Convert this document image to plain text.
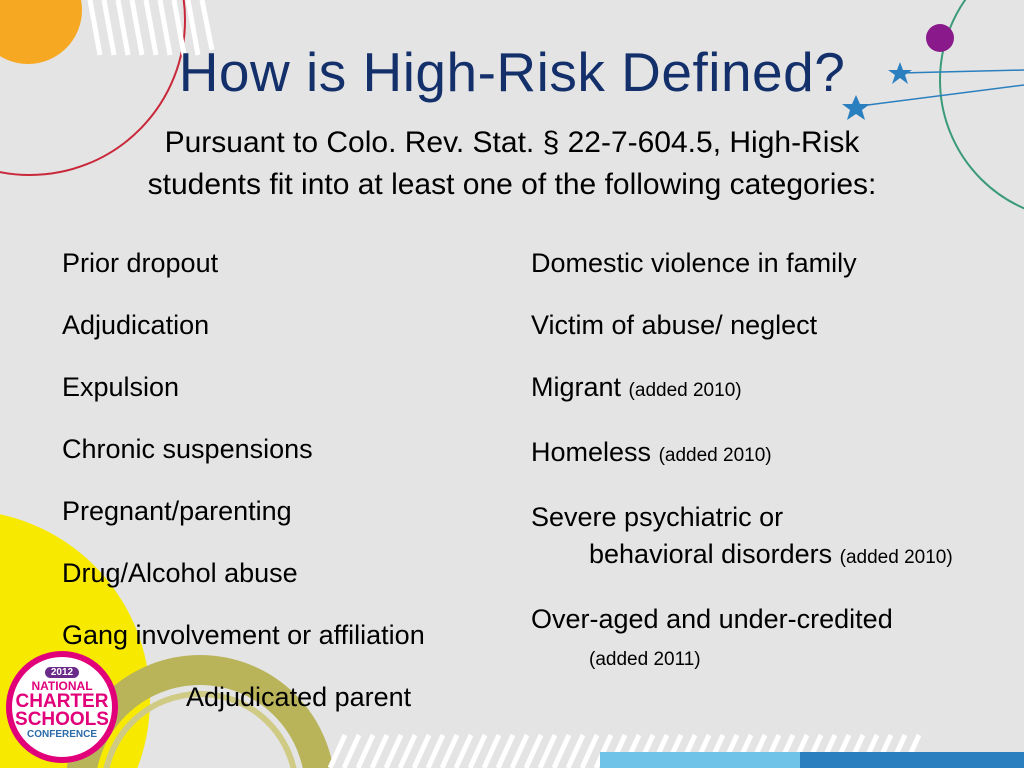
How is High-Risk Defined?
Pursuant to Colo. Rev. Stat. § 22-7-604.5, High-Risk
students fit into at least one of the following categories:
Prior dropout
Adjudication
Expulsion
Chronic suspensions
Pregnant/parenting
Drug/Alcohol abuse
Gang involvement or affiliation
Adjudicated parent
Domestic violence in family
Victim of abuse/ neglect
Migrant (added 2010)
Homeless (added 2010)
Severe psychiatric or
behavioral disorders (added 2010)
Over-aged and under-credited
(added 2011)
2012
NATIONAL
CHARTER
SCHOOLS
CONFERENCE
